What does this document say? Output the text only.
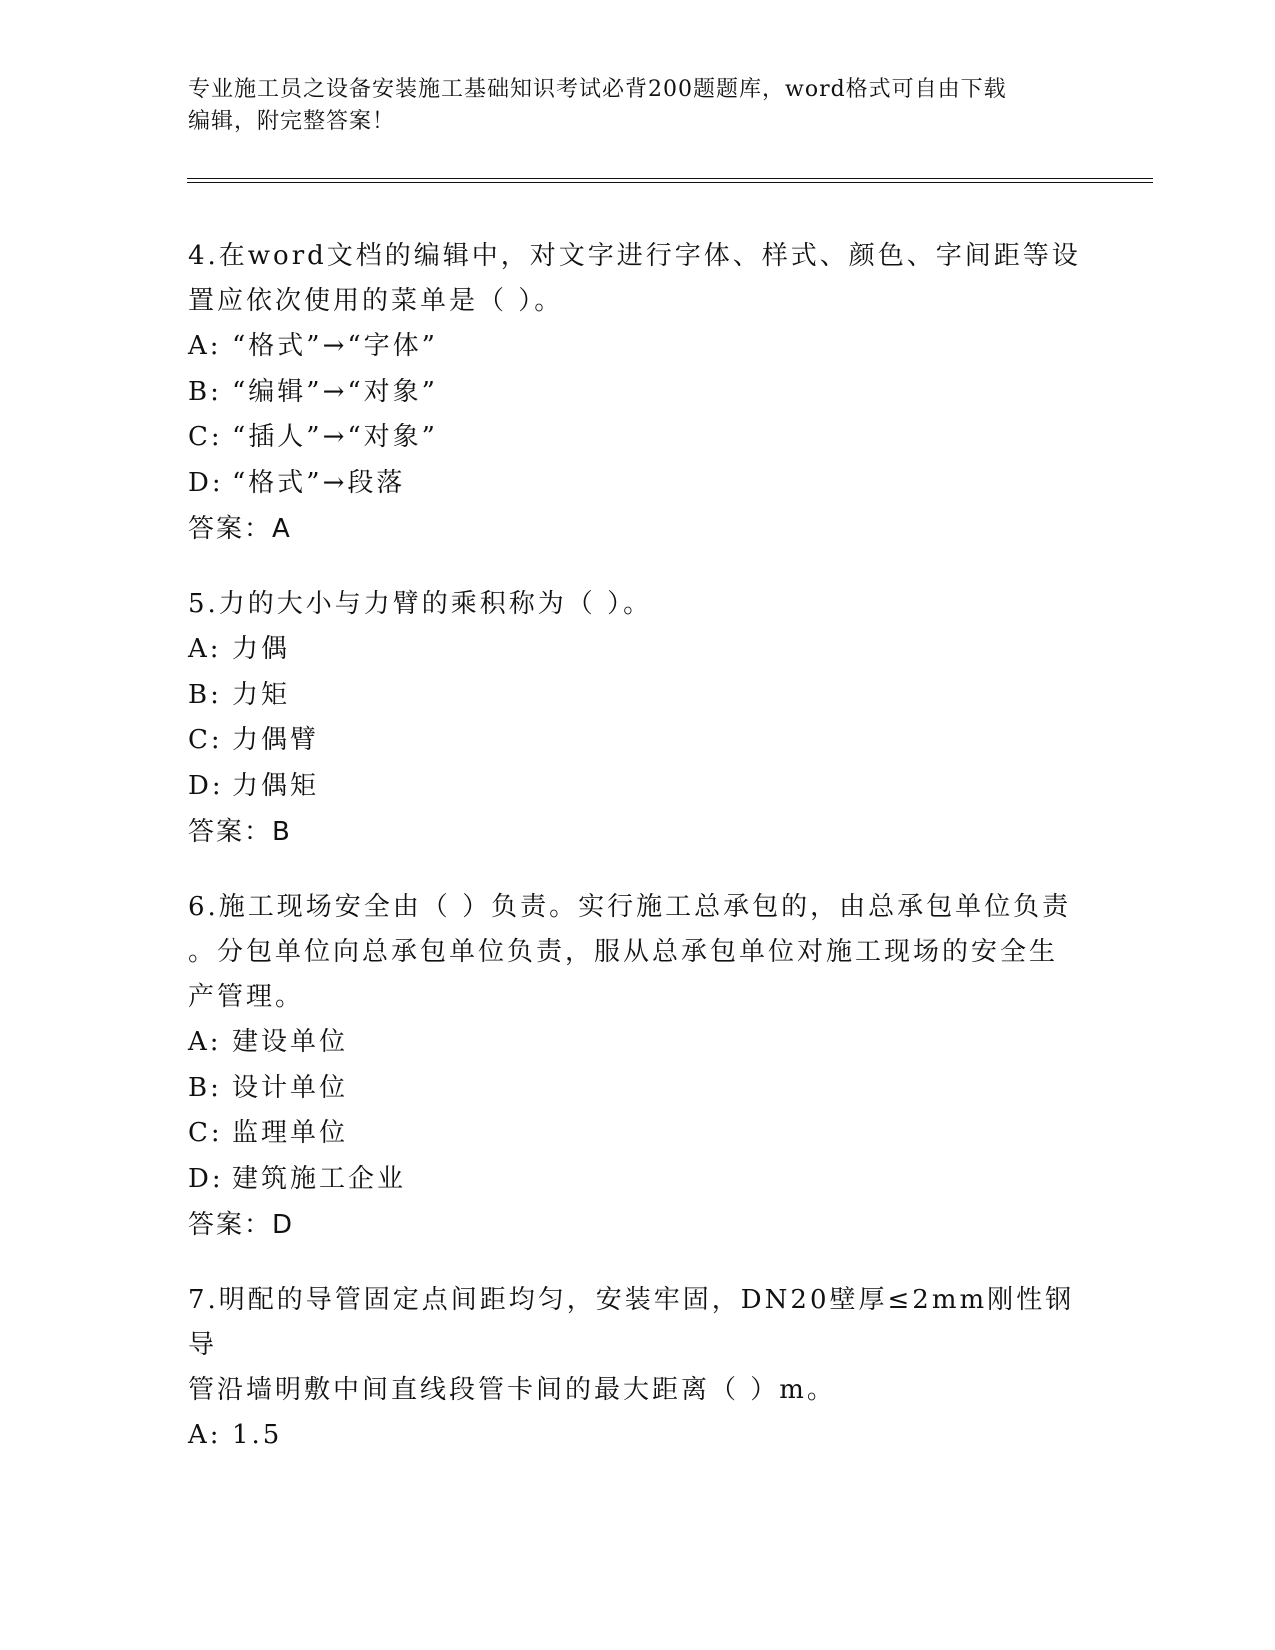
专业施工员之设备安装施工基础知识考试必背200题题库，word格式可自由下载
编辑，附完整答案！

4.在word文档的编辑中，对文字进行字体、样式、颜色、字间距等设

置应依次使用的菜单是（ ）。

A: “格式”→“字体”

B: “编辑”→“对象”

C: “插人”→“对象”

D: “格式”→段落

答案：A

5.力的大小与力臂的乘积称为（ ）。

A: 力偶

B: 力矩

C: 力偶臂

D: 力偶矩

答案：B

6.施工现场安全由（ ）负责。实行施工总承包的，由总承包单位负责

。分包单位向总承包单位负责，服从总承包单位对施工现场的安全生

产管理。

A: 建设单位

B: 设计单位

C: 监理单位

D: 建筑施工企业

答案：D

7.明配的导管固定点间距均匀，安装牢固，DN20壁厚≤2mm刚性钢导

管沿墙明敷中间直线段管卡间的最大距离（ ）m。

A: 1.5
